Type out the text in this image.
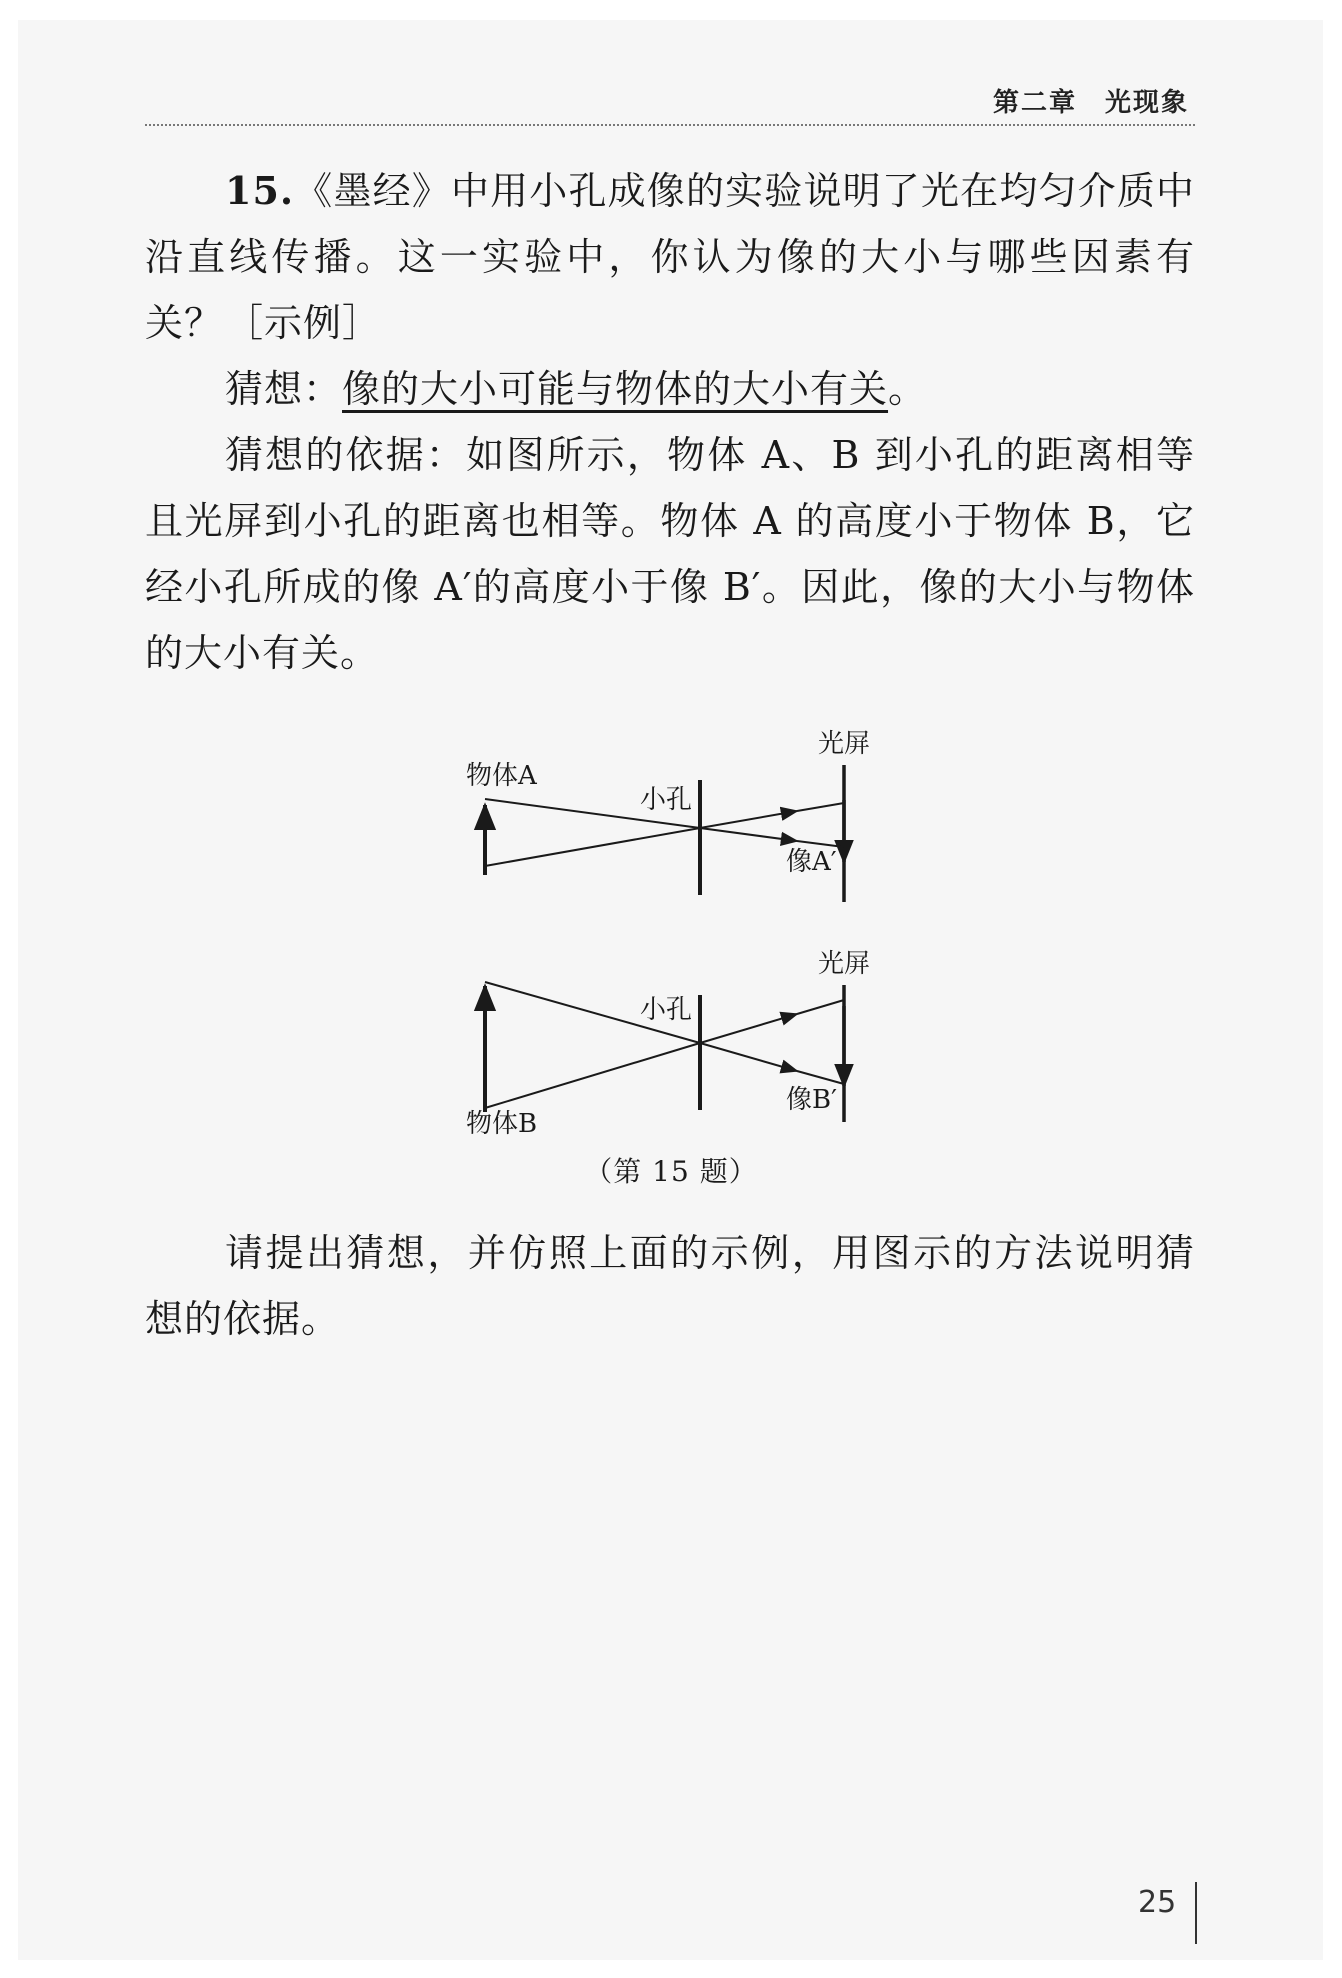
第二章 光现象
15.《墨经》中用小孔成像的实验说明了光在均匀介质中沿直线传播。这一实验中，你认为像的大小与哪些因素有关？ ［示例］
猜想：像的大小可能与物体的大小有关。
猜想的依据：如图所示，物体 A、B 到小孔的距离相等且光屏到小孔的距离也相等。物体 A 的高度小于物体 B，它经小孔所成的像 A′的高度小于像 B′。因此，像的大小与物体的大小有关。
物体A
小孔
光屏
像A′
物体B
小孔
光屏
像B′
（第 15 题）
请提出猜想，并仿照上面的示例，用图示的方法说明猜想的依据。
25
